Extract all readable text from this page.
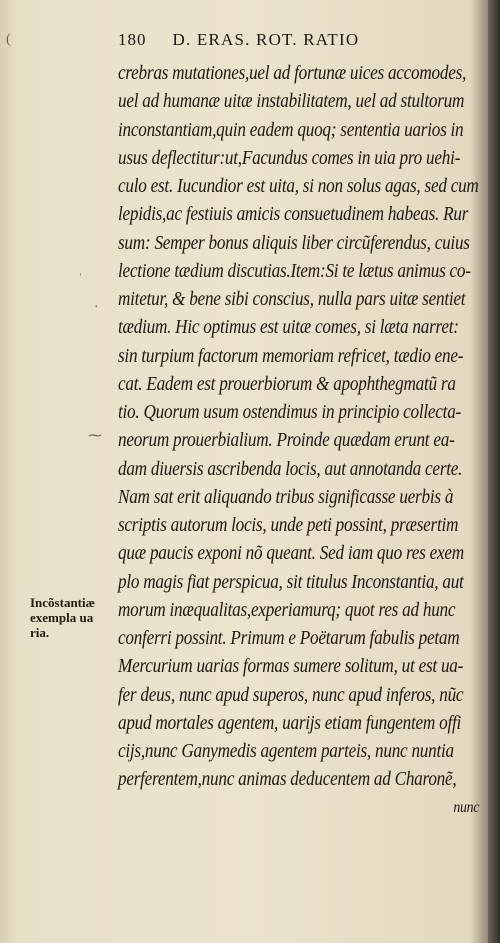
(
ˈ
·
⁓
180 D. ERAS. ROT. RATIO
crebras mutationes,uel ad fortunæ uices accomodes,
uel ad humanæ uitæ instabilitatem, uel ad stultorum
inconstantiam,quin eadem quoq; sententia uarios in
usus deflectitur:ut,Facundus comes in uia pro uehi-
culo est. Iucundior est uita, si non solus agas, sed cum
lepidis,ac festiuis amicis consuetudinem habeas. Rur
sum: Semper bonus aliquis liber circũferendus, cuius
lectione tædium discutias.Item:Si te lætus animus co-
mitetur, & bene sibi conscius, nulla pars uitæ sentiet
tædium. Hic optimus est uitæ comes, si læta narret:
sin turpium factorum memoriam refricet, tædio ene-
cat. Eadem est prouerbiorum & apophthegmatũ ra
tio. Quorum usum ostendimus in principio collecta-
neorum prouerbialium. Proinde quædam erunt ea-
dam diuersis ascribenda locis, aut annotanda certe.
Nam sat erit aliquando tribus significasse uerbis à
scriptis autorum locis, unde peti possint, præsertim
quæ paucis exponi nõ queant. Sed iam quo res exem
plo magis fiat perspicua, sit titulus Inconstantia, aut
morum inæqualitas,experiamurq; quot res ad hunc
conferri possint. Primum e Poëtarum fabulis petam
Mercurium uarias formas sumere solitum, ut est ua-
fer deus, nunc apud superos, nunc apud inferos, nũc
apud mortales agentem, uarijs etiam fungentem offi
cijs,nunc Ganymedis agentem parteis, nunc nuntia
perferentem,nunc animas deducentem ad Charonẽ,
nunc
Incõstantiæ
exempla ua
ria.
